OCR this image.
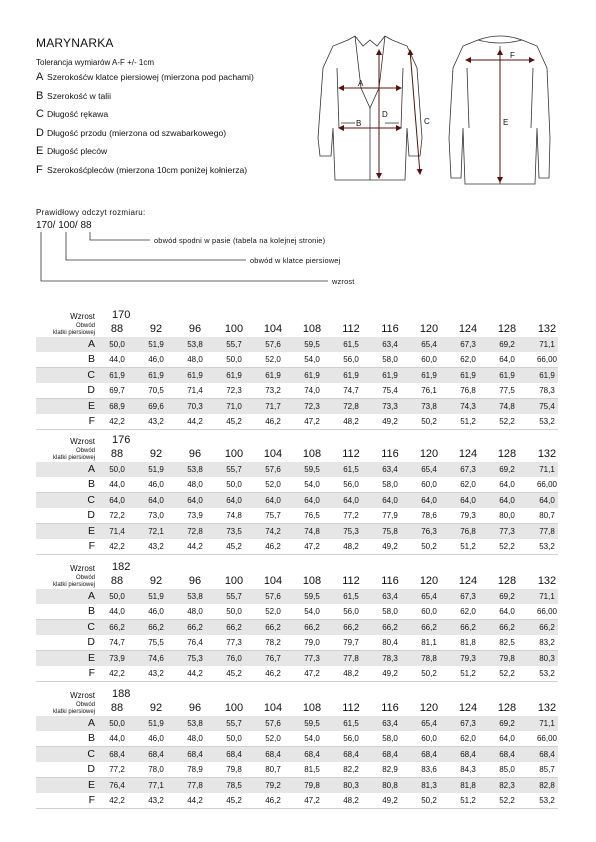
MARYNARKA
Tolerancja wymiarów A-F +/- 1cm
A Szerokośćw klatce piersiowej (mierzona pod pachami)
B Szerokość w talii
C Długość rękawa
D Długość przodu (mierzona od szwabarkowego)
E Długość pleców
F Szerokośćpleców (mierzona 10cm poniżej kołnierza)
A
B	C
D
E
F
Prawidłowy odczyt rozmiaru:
170/ 100/ 88
obwód spodni w pasie (tabela na kolejnej stronie)
obwód w klatce piersiowej
wzrost
Wzrost 170
Obwód
klatki piersiowej	88	92	96	100	104	108	112	116	120	124	128	132
A	50,0	51,9	53,8	55,7	57,6	59,5	61,5	63,4	65,4	67,3	69,2	71,1
B	44,0	46,0	48,0	50,0	52,0	54,0	56,0	58,0	60,0	62,0	64,0	66,00
C	61,9	61,9	61,9	61,9	61,9	61,9	61,9	61,9	61,9	61,9	61,9	61,9
D	69,7	70,5	71,4	72,3	73,2	74,0	74,7	75,4	76,1	76,8	77,5	78,3
E	68,9	69,6	70,3	71,0	71,7	72,3	72,8	73,3	73,8	74,3	74,8	75,4
F	42,2	43,2	44,2	45,2	46,2	47,2	48,2	49,2	50,2	51,2	52,2	53,2
Wzrost 176
Obwód
klatki piersiowej	88	92	96	100	104	108	112	116	120	124	128	132
A	50,0	51,9	53,8	55,7	57,6	59,5	61,5	63,4	65,4	67,3	69,2	71,1
B	44,0	46,0	48,0	50,0	52,0	54,0	56,0	58,0	60,0	62,0	64,0	66,00
C	64,0	64,0	64,0	64,0	64,0	64,0	64,0	64,0	64,0	64,0	64,0	64,0
D	72,2	73,0	73,9	74,8	75,7	76,5	77,2	77,9	78,6	79,3	80,0	80,7
E	71,4	72,1	72,8	73,5	74,2	74,8	75,3	75,8	76,3	76,8	77,3	77,8
F	42,2	43,2	44,2	45,2	46,2	47,2	48,2	49,2	50,2	51,2	52,2	53,2
Wzrost 182
Obwód
klatki piersiowej	88	92	96	100	104	108	112	116	120	124	128	132
A	50,0	51,9	53,8	55,7	57,6	59,5	61,5	63,4	65,4	67,3	69,2	71,1
B	44,0	46,0	48,0	50,0	52,0	54,0	56,0	58,0	60,0	62,0	64,0	66,00
C	66,2	66,2	66,2	66,2	66,2	66,2	66,2	66,2	66,2	66,2	66,2	66,2
D	74,7	75,5	76,4	77,3	78,2	79,0	79,7	80,4	81,1	81,8	82,5	83,2
E	73,9	74,6	75,3	76,0	76,7	77,3	77,8	78,3	78,8	79,3	79,8	80,3
F	42,2	43,2	44,2	45,2	46,2	47,2	48,2	49,2	50,2	51,2	52,2	53,2
Wzrost 188
Obwód
klatki piersiowej	88	92	96	100	104	108	112	116	120	124	128	132
A	50,0	51,9	53,8	55,7	57,6	59,5	61,5	63,4	65,4	67,3	69,2	71,1
B	44,0	46,0	48,0	50,0	52,0	54,0	56,0	58,0	60,0	62,0	64,0	66,00
C	68,4	68,4	68,4	68,4	68,4	68,4	68,4	68,4	68,4	68,4	68,4	68,4
D	77,2	78,0	78,9	79,8	80,7	81,5	82,2	82,9	83,6	84,3	85,0	85,7
E	76,4	77,1	77,8	78,5	79,2	79,8	80,3	80,8	81,3	81,8	82,3	82,8
F	42,2	43,2	44,2	45,2	46,2	47,2	48,2	49,2	50,2	51,2	52,2	53,2
